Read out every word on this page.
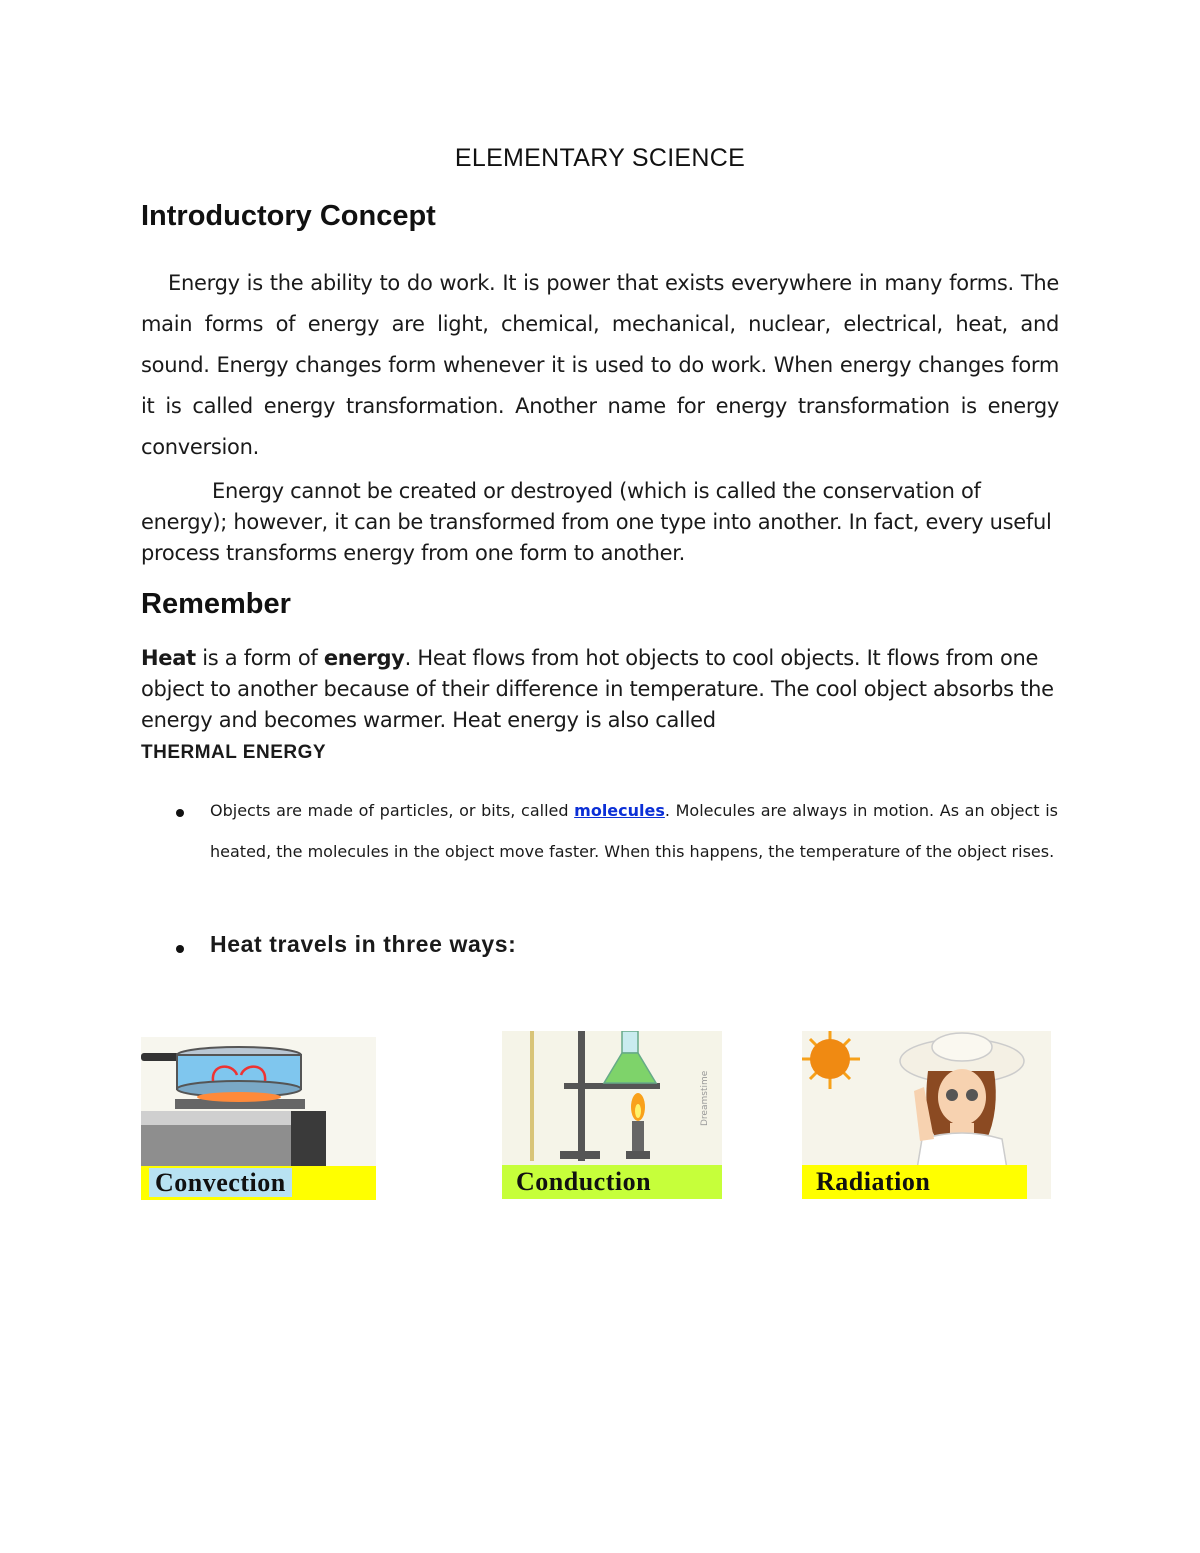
ELEMENTARY SCIENCE
Introductory Concept
Energy is the ability to do work. It is power that exists everywhere in many forms. The main forms of energy are light, chemical, mechanical, nuclear, electrical, heat, and sound. Energy changes form whenever it is used to do work. When energy changes form it is called energy transformation. Another name for energy transformation is energy conversion.
Energy cannot be created or destroyed (which is called the conservation of energy); however, it can be transformed from one type into another. In fact, every useful process transforms energy from one form to another.
Remember
Heat is a form of energy. Heat flows from hot objects to cool objects. It flows from one object to another because of their difference in temperature. The cool object absorbs the energy and becomes warmer. Heat energy is also called
THERMAL ENERGY
Objects are made of particles, or bits, called molecules. Molecules are always in motion. As an object is heated, the molecules in the object move faster. When this happens, the temperature of the object rises.
Heat travels in three ways:
Convection
Dreamstime
Conduction	Radiation
